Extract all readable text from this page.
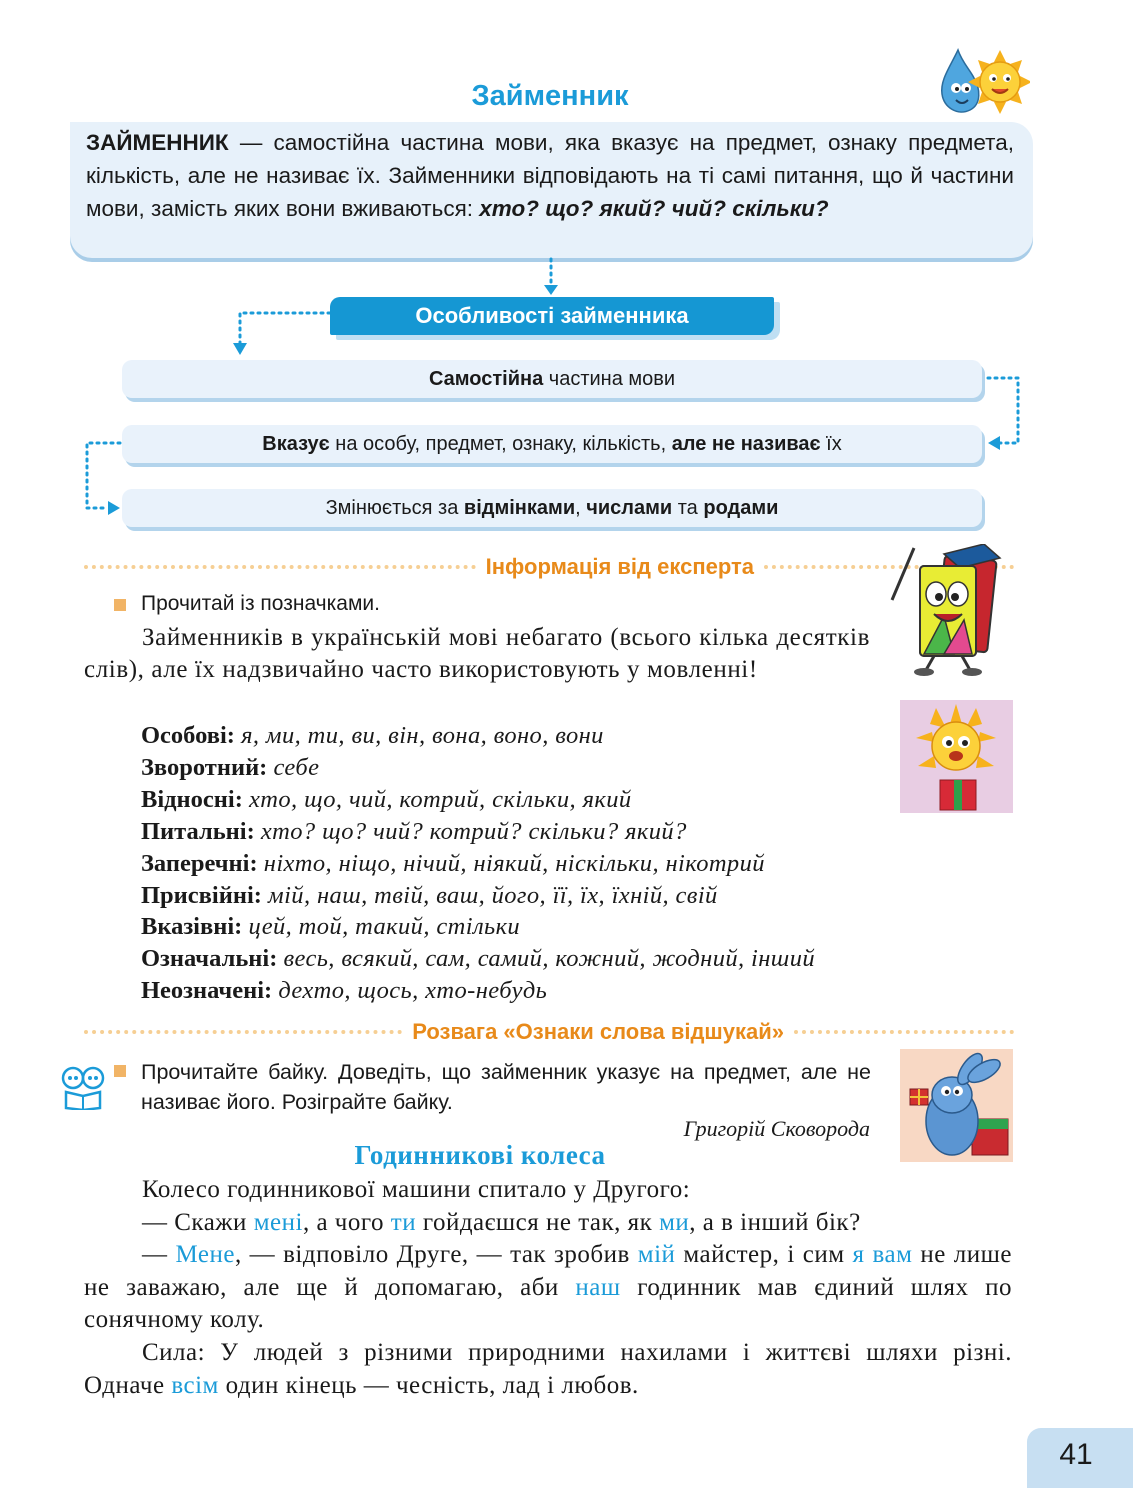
Займенник
ЗАЙМЕННИК — самостійна частина мови, яка вказує на предмет, ознаку предмета, кількість, але не називає їх. Займенники відповідають на ті самі питання, що й частини мови, замість яких вони вживаються: хто? що? який? чий? скільки?
Особливості займенника
Самостійна частина мови
Вказує на особу, предмет, ознаку, кількість, але не називає їх
Змінюється за відмінками, числами та родами
Інформація від експерта
Прочитай із позначками.
Займенників в українській мові небагато (всього кілька десятків слів), але їх надзвичайно часто використовують у мовленні!
Особові: я, ми, ти, ви, він, вона, воно, вони
Зворотний: себе
Відносні: хто, що, чий, котрий, скільки, який
Питальні: хто? що? чий? котрий? скільки? який?
Заперечні: ніхто, ніщо, нічий, ніякий, ніскільки, нікотрий
Присвійні: мій, наш, твій, ваш, його, її, їх, їхній, свій
Вказівні: цей, той, такий, стільки
Означальні: весь, всякий, сам, самий, кожний, жодний, інший
Неозначені: дехто, щось, хто-небудь
Розвага «Ознаки слова відшукай»
Прочитайте байку. Доведіть, що займенник указує на предмет, але не називає його. Розіграйте байку.
Григорій Сковорода
Годинникові колеса

Колесо годинникової машини спитало у Другого:

— Скажи мені, а чого ти гойдаєшся не так, як ми, а в інший бік?

— Мене, — відповіло Друге, — так зробив мій майстер, і сим я вам не лише не заважаю, але ще й допомагаю, аби наш годинник мав єдиний шлях по сонячному колу.

Сила: У людей з різними природними нахилами і життєві шляхи різні. Одначе всім один кінець — чесність, лад і любов.

41
